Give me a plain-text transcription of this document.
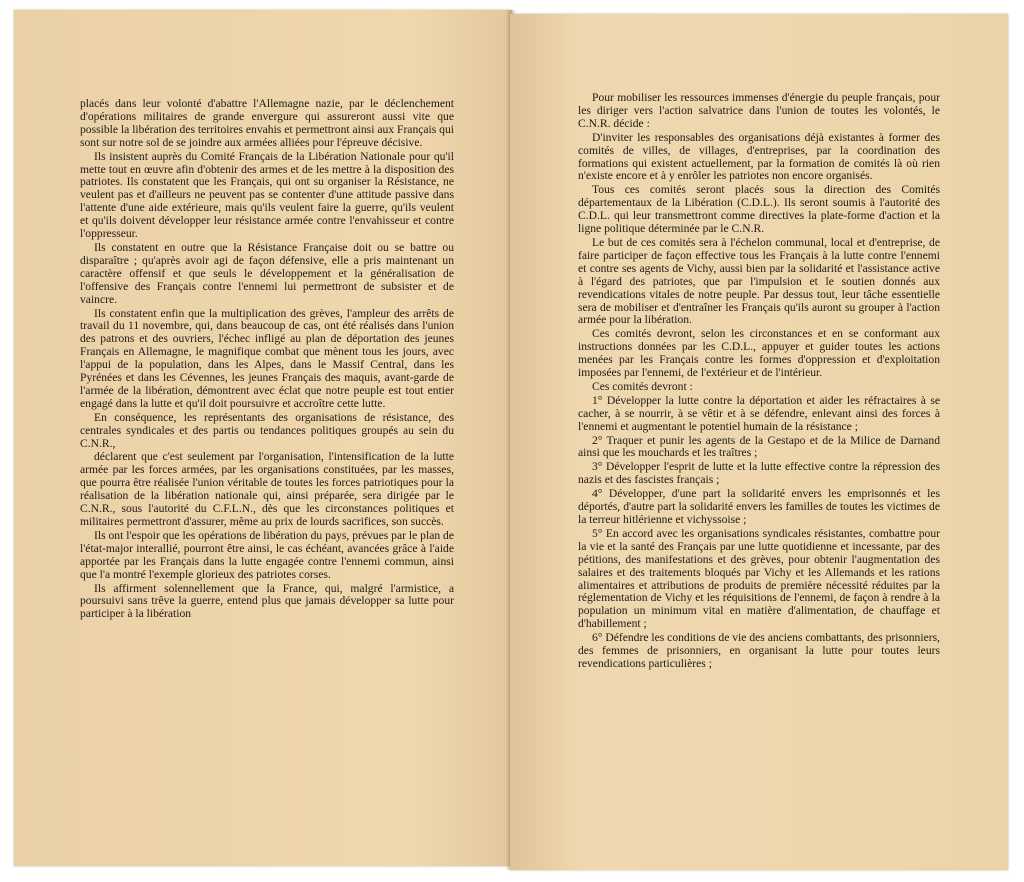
placés dans leur volonté d'abattre l'Allemagne nazie, par le déclenchement d'opérations militaires de grande envergure qui assureront aussi vite que possible la libération des territoires envahis et permettront ainsi aux Français qui sont sur notre sol de se joindre aux armées alliées pour l'épreuve décisive.

Ils insistent auprès du Comité Français de la Libération Nationale pour qu'il mette tout en œuvre afin d'obtenir des armes et de les mettre à la disposition des patriotes. Ils constatent que les Français, qui ont su organiser la Résistance, ne veulent pas et d'ailleurs ne peuvent pas se contenter d'une attitude passive dans l'attente d'une aide extérieure, mais qu'ils veulent faire la guerre, qu'ils veulent et qu'ils doivent développer leur résistance armée contre l'envahisseur et contre l'oppresseur.

Ils constatent en outre que la Résistance Française doit ou se battre ou disparaître ; qu'après avoir agi de façon défensive, elle a pris maintenant un caractère offensif et que seuls le développement et la généralisation de l'offensive des Français contre l'ennemi lui permettront de subsister et de vaincre.

Ils constatent enfin que la multiplication des grèves, l'ampleur des arrêts de travail du 11 novembre, qui, dans beaucoup de cas, ont été réalisés dans l'union des patrons et des ouvriers, l'échec infligé au plan de déportation des jeunes Français en Allemagne, le magnifique combat que mènent tous les jours, avec l'appui de la population, dans les Alpes, dans le Massif Central, dans les Pyrénées et dans les Cévennes, les jeunes Français des maquis, avant-garde de l'armée de la libération, démontrent avec éclat que notre peuple est tout entier engagé dans la lutte et qu'il doit poursuivre et accroître cette lutte.

En conséquence, les représentants des organisations de résistance, des centrales syndicales et des partis ou tendances politiques groupés au sein du C.N.R.,

déclarent que c'est seulement par l'organisation, l'intensification de la lutte armée par les forces armées, par les organisations constituées, par les masses, que pourra être réalisée l'union véritable de toutes les forces patriotiques pour la réalisation de la libération nationale qui, ainsi préparée, sera dirigée par le C.N.R., sous l'autorité du C.F.L.N., dès que les circonstances politiques et militaires permettront d'assurer, même au prix de lourds sacrifices, son succès.

Ils ont l'espoir que les opérations de libération du pays, prévues par le plan de l'état-major interallié, pourront être ainsi, le cas échéant, avancées grâce à l'aide apportée par les Français dans la lutte engagée contre l'ennemi commun, ainsi que l'a montré l'exemple glorieux des patriotes corses.

Ils affirment solennellement que la France, qui, malgré l'armistice, a poursuivi sans trêve la guerre, entend plus que jamais développer sa lutte pour participer à la libération

Pour mobiliser les ressources immenses d'énergie du peuple français, pour les diriger vers l'action salvatrice dans l'union de toutes les volontés, le C.N.R. décide :

D'inviter les responsables des organisations déjà existantes à former des comités de villes, de villages, d'entreprises, par la coordination des formations qui existent actuellement, par la formation de comités là où rien n'existe encore et à y enrôler les patriotes non encore organisés.

Tous ces comités seront placés sous la direction des Comités départementaux de la Libération (C.D.L.). Ils seront soumis à l'autorité des C.D.L. qui leur transmettront comme directives la plate-forme d'action et la ligne politique déterminée par le C.N.R.

Le but de ces comités sera à l'échelon communal, local et d'entreprise, de faire participer de façon effective tous les Français à la lutte contre l'ennemi et contre ses agents de Vichy, aussi bien par la solidarité et l'assistance active à l'égard des patriotes, que par l'impulsion et le soutien donnés aux revendications vitales de notre peuple. Par dessus tout, leur tâche essentielle sera de mobiliser et d'entraîner les Français qu'ils auront su grouper à l'action armée pour la libération.

Ces comités devront, selon les circonstances et en se conformant aux instructions données par les C.D.L., appuyer et guider toutes les actions menées par les Français contre les formes d'oppression et d'exploitation imposées par l'ennemi, de l'extérieur et de l'intérieur.

Ces comités devront :

1° Développer la lutte contre la déportation et aider les réfractaires à se cacher, à se nourrir, à se vêtir et à se défendre, enlevant ainsi des forces à l'ennemi et augmentant le potentiel humain de la résistance ;

2° Traquer et punir les agents de la Gestapo et de la Milice de Darnand ainsi que les mouchards et les traîtres ;

3° Développer l'esprit de lutte et la lutte effective contre la répression des nazis et des fascistes français ;

4° Développer, d'une part la solidarité envers les emprisonnés et les déportés, d'autre part la solidarité envers les familles de toutes les victimes de la terreur hitlérienne et vichyssoise ;

5° En accord avec les organisations syndicales résistantes, combattre pour la vie et la santé des Français par une lutte quotidienne et incessante, par des pétitions, des manifestations et des grèves, pour obtenir l'augmentation des salaires et des traitements bloqués par Vichy et les Allemands et les rations alimentaires et attributions de produits de première nécessité réduites par la réglementation de Vichy et les réquisitions de l'ennemi, de façon à rendre à la population un minimum vital en matière d'alimentation, de chauffage et d'habillement ;

6° Défendre les conditions de vie des anciens combattants, des prisonniers, des femmes de prisonniers, en organisant la lutte pour toutes leurs revendications particulières ;
